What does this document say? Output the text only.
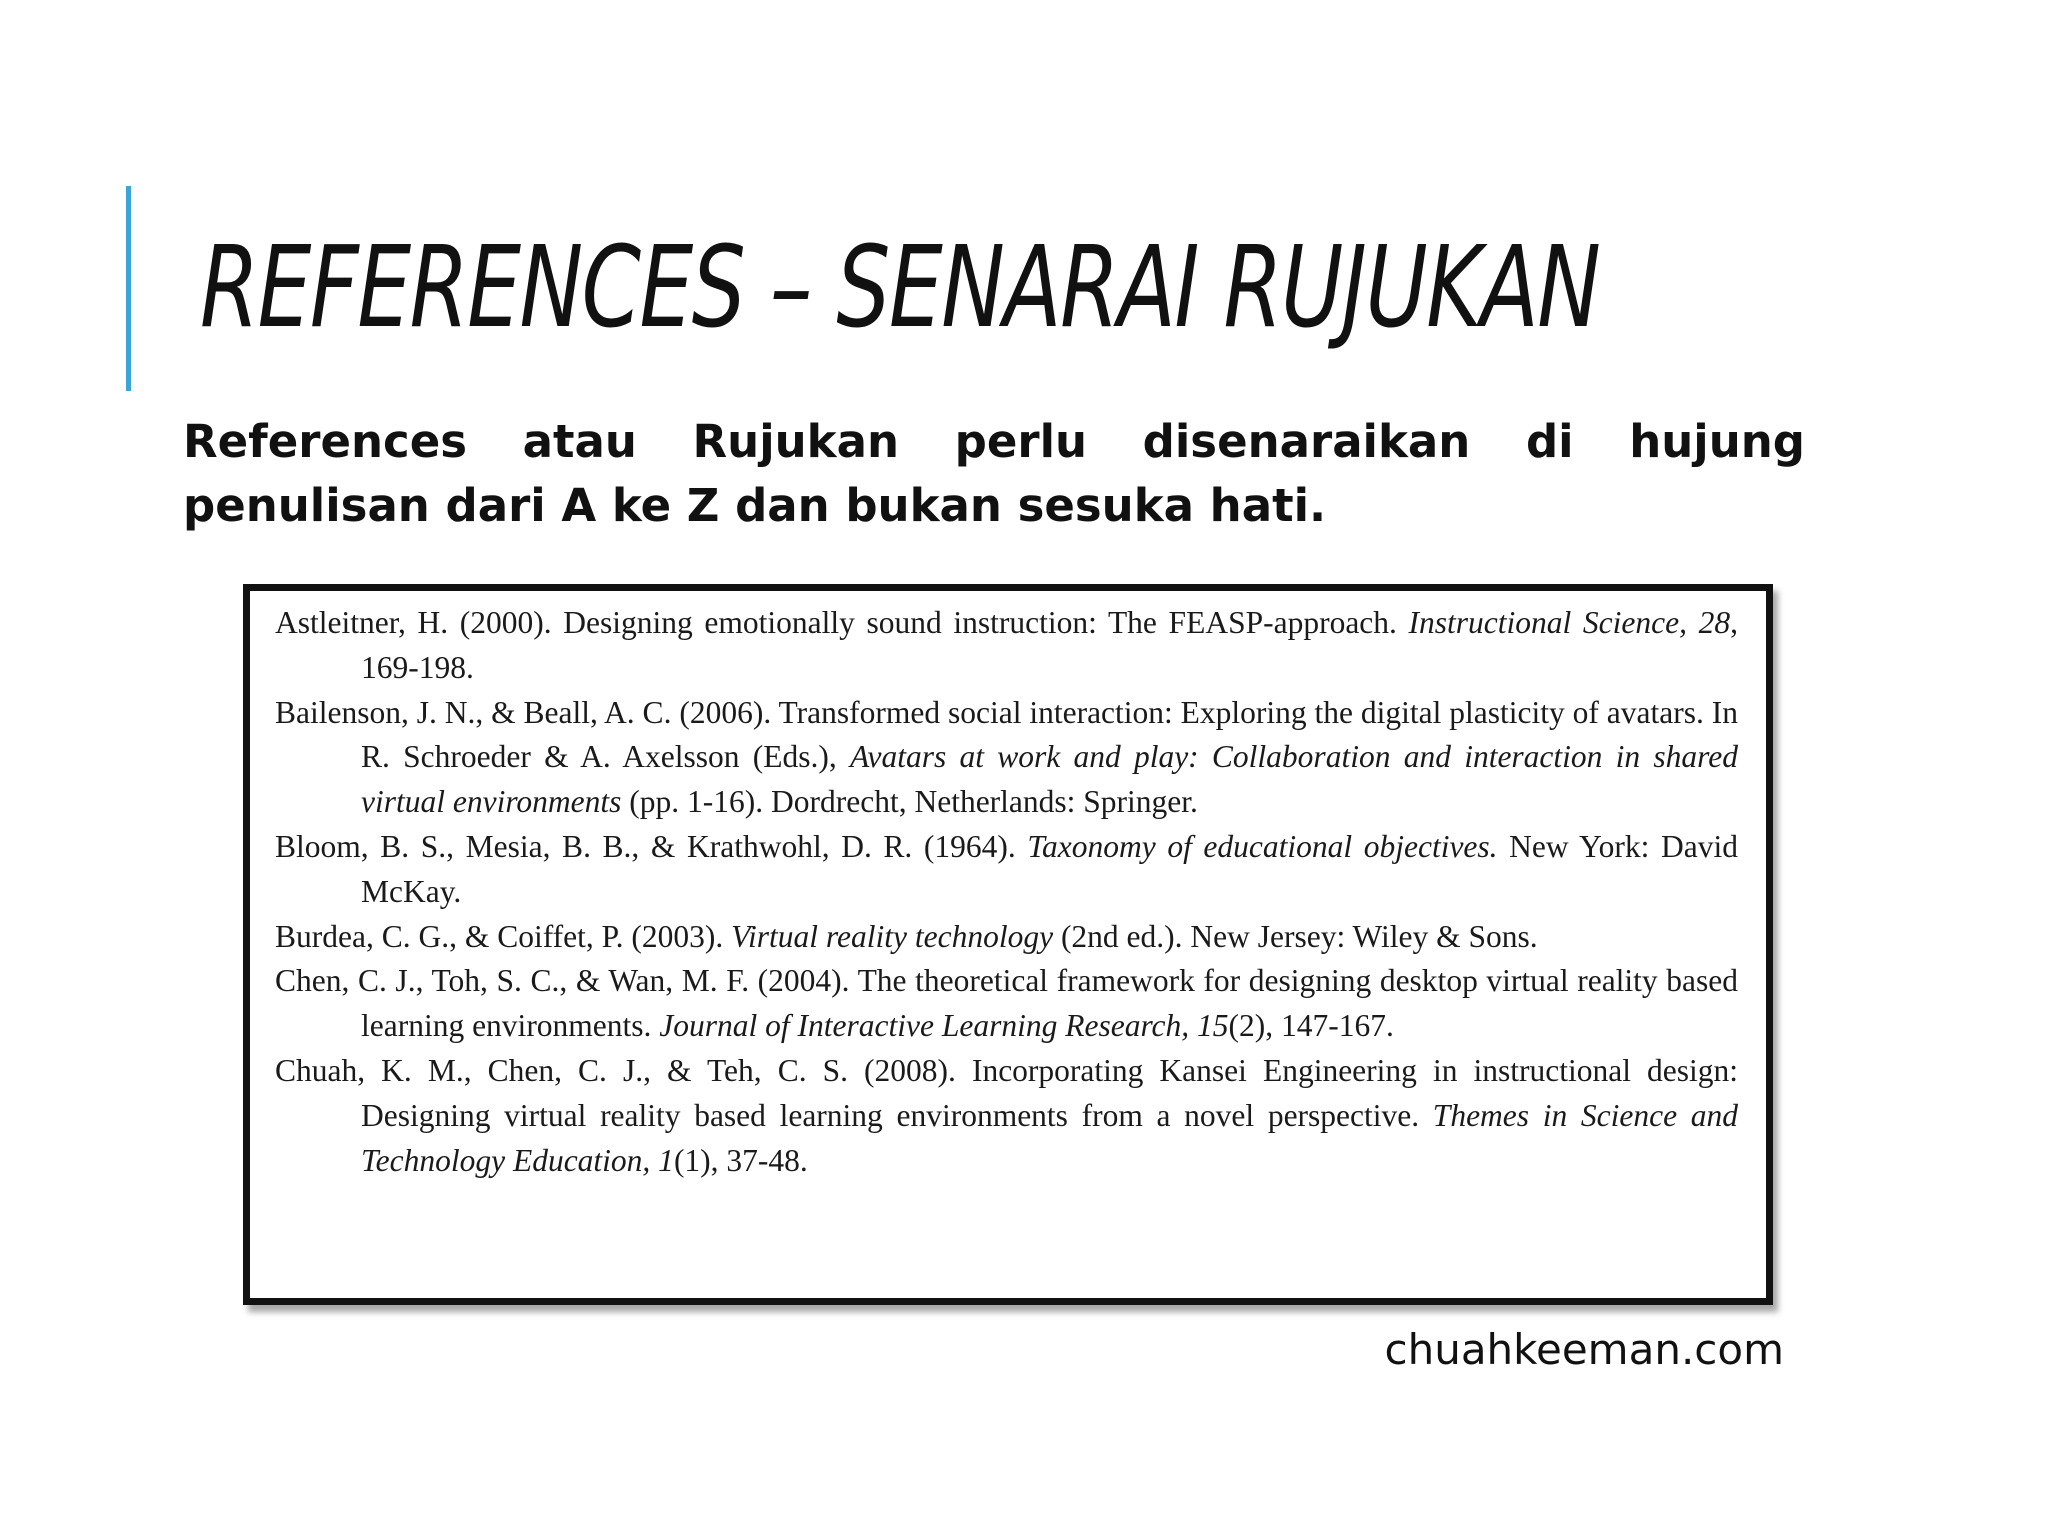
REFERENCES – SENARAI RUJUKAN

References atau Rujukan perlu disenaraikan di hujung penulisan dari A ke Z dan bukan sesuka hati.

Astleitner, H. (2000). Designing emotionally sound instruction: The FEASP-approach. Instructional Science, 28, 169-198.

Bailenson, J. N., & Beall, A. C. (2006). Transformed social interaction: Exploring the digital plasticity of avatars. In R. Schroeder & A. Axelsson (Eds.), Avatars at work and play: Collaboration and interaction in shared virtual environments (pp. 1-16). Dordrecht, Netherlands: Springer.

Bloom, B. S., Mesia, B. B., & Krathwohl, D. R. (1964). Taxonomy of educational objectives. New York: David McKay.

Burdea, C. G., & Coiffet, P. (2003). Virtual reality technology (2nd ed.). New Jersey: Wiley & Sons.

Chen, C. J., Toh, S. C., & Wan, M. F. (2004). The theoretical framework for designing desktop virtual reality based learning environments. Journal of Interactive Learning Research, 15(2), 147-167.

Chuah, K. M., Chen, C. J., & Teh, C. S. (2008). Incorporating Kansei Engineering in instructional design: Designing virtual reality based learning environments from a novel perspective. Themes in Science and Technology Education, 1(1), 37-48.

chuahkeeman.com
